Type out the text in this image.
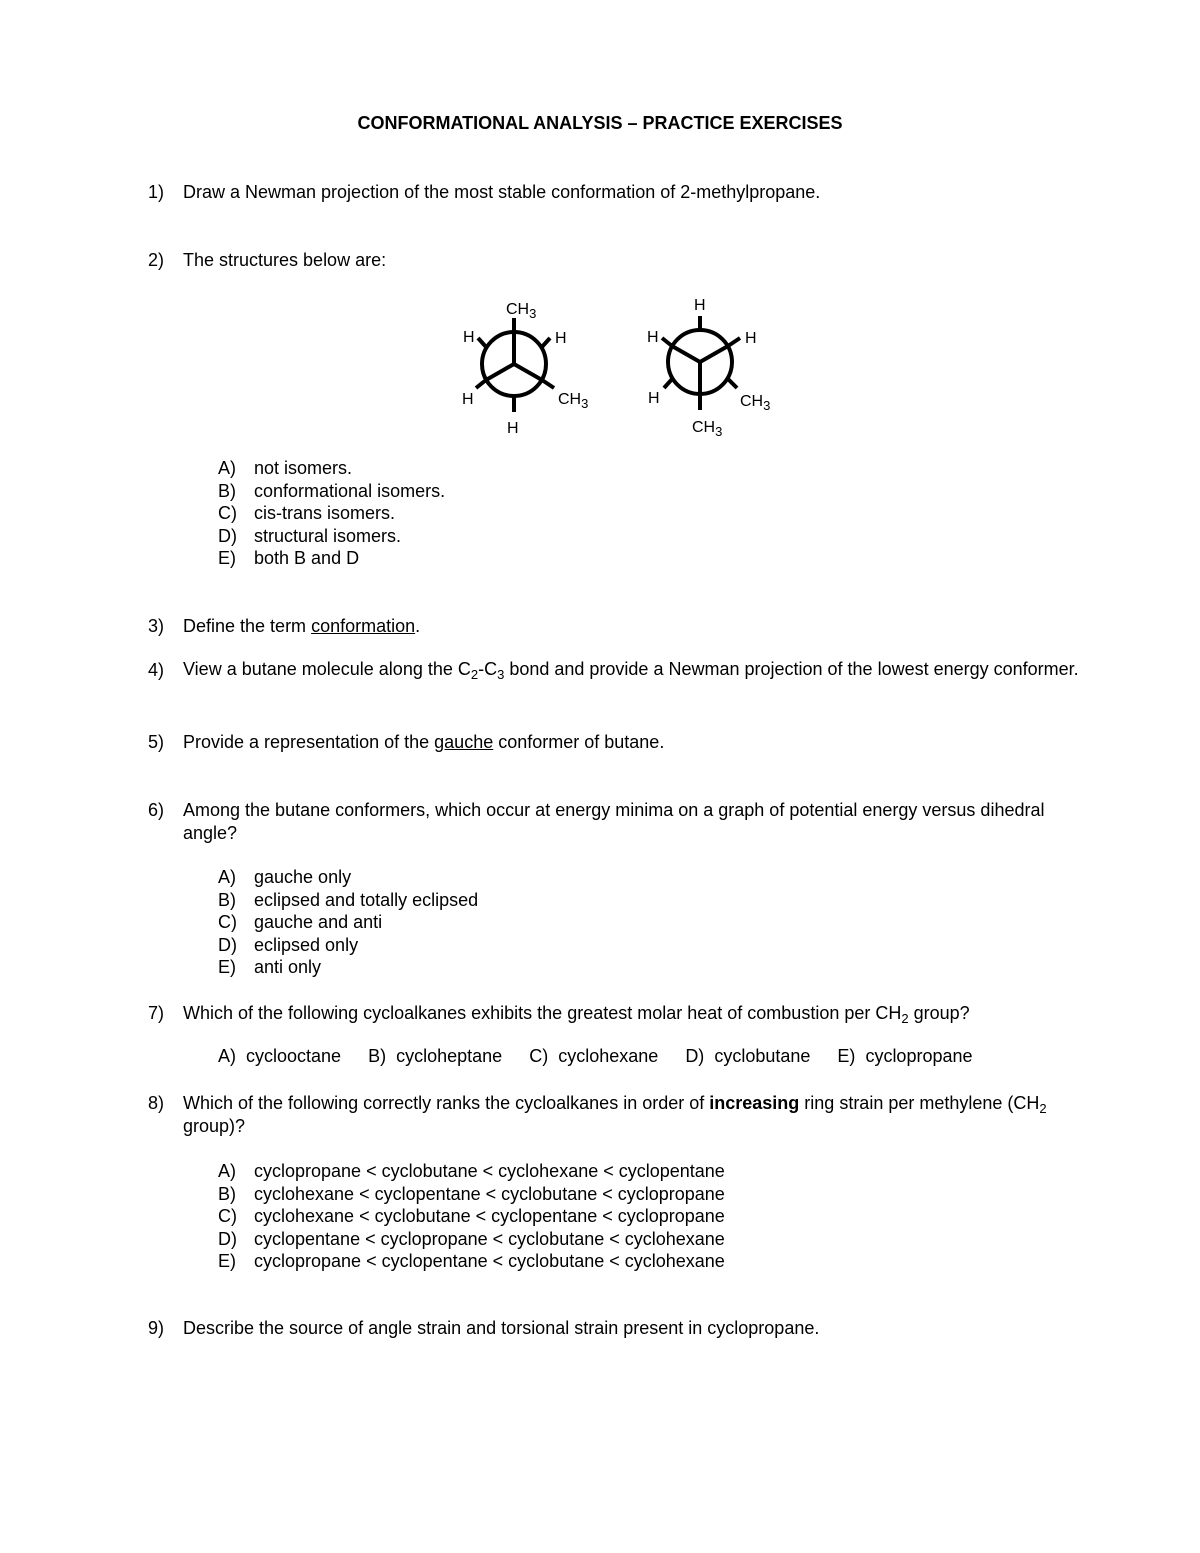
CONFORMATIONAL ANALYSIS – PRACTICE EXERCISES
1) Draw a Newman projection of the most stable conformation of 2-methylpropane.
2) The structures below are:
$CH_3$
H	H
H	$CH_3$
H
H
H	H
H	$CH_3$
$CH_3$
A) not isomers.
B) conformational isomers.
C) cis-trans isomers.
D) structural isomers.
E) both B and D
3) Define the term conformation.
4) View a butane molecule along the $C_2-C_3$ bond and provide a Newman projection of the lowest energy conformer.
5) Provide a representation of the gauche conformer of butane.
6) Among the butane conformers, which occur at energy minima on a graph of potential energy versus dihedral angle?
A) gauche only
B) eclipsed and totally eclipsed
C) gauche and anti
D) eclipsed only
E) anti only
7) Which of the following cycloalkanes exhibits the greatest molar heat of combustion per $CH_2$ group?
A) cyclooctane B) cycloheptane C) cyclohexane D) cyclobutane E) cyclopropane
8) Which of the following correctly ranks the cycloalkanes in order of increasing ring strain per methylene ($CH_2$ group)?
A) cyclopropane < cyclobutane < cyclohexane < cyclopentane
B) cyclohexane < cyclopentane < cyclobutane < cyclopropane
C) cyclohexane < cyclobutane < cyclopentane < cyclopropane
D) cyclopentane < cyclopropane < cyclobutane < cyclohexane
E) cyclopropane < cyclopentane < cyclobutane < cyclohexane
9) Describe the source of angle strain and torsional strain present in cyclopropane.
